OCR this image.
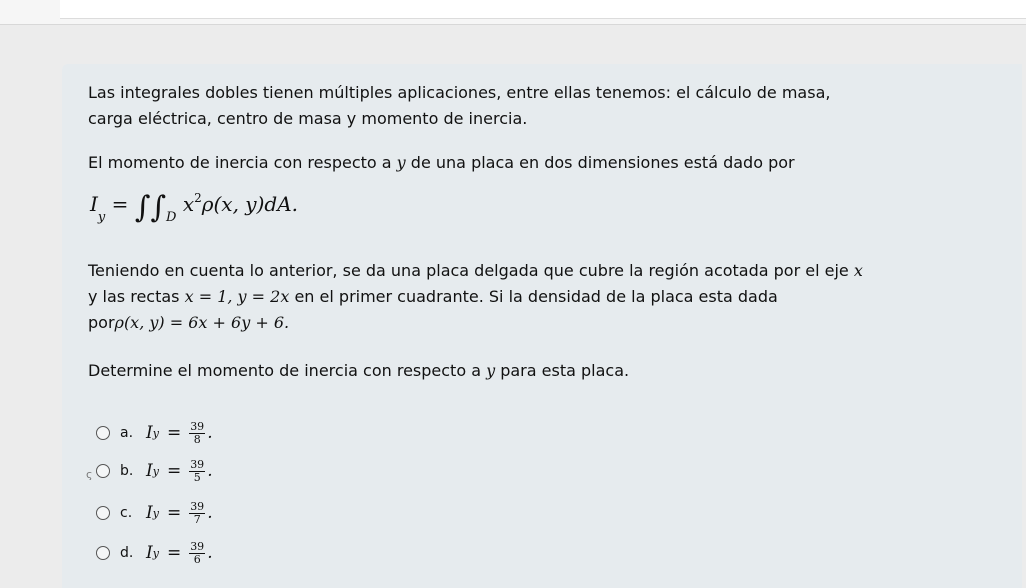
Las integrales dobles tienen múltiples aplicaciones, entre ellas tenemos: el cálculo de masa,
carga eléctrica, centro de masa y momento de inercia.
El momento de inercia con respecto a y de una placa en dos dimensiones está dado por
$I_y = \int\int_D$ $x^2\rho(x$, y)dA.
Teniendo en cuenta lo anterior, se da una placa delgada que cubre la región acotada por el eje x
y las rectas x = 1, y = 2x en el primer cuadrante. Si la densidad de la placa esta dada
porρ(x, y) = 6x + 6y + 6.
Determine el momento de inercia con respecto a y para esta placa.
ς
a. I $y = \frac{39}{8}$ .
b. I $y = \frac{39}{5}$ .
c. I $y = \frac{39}{7}$ .
d. I $y = \frac{39}{6}$ .
